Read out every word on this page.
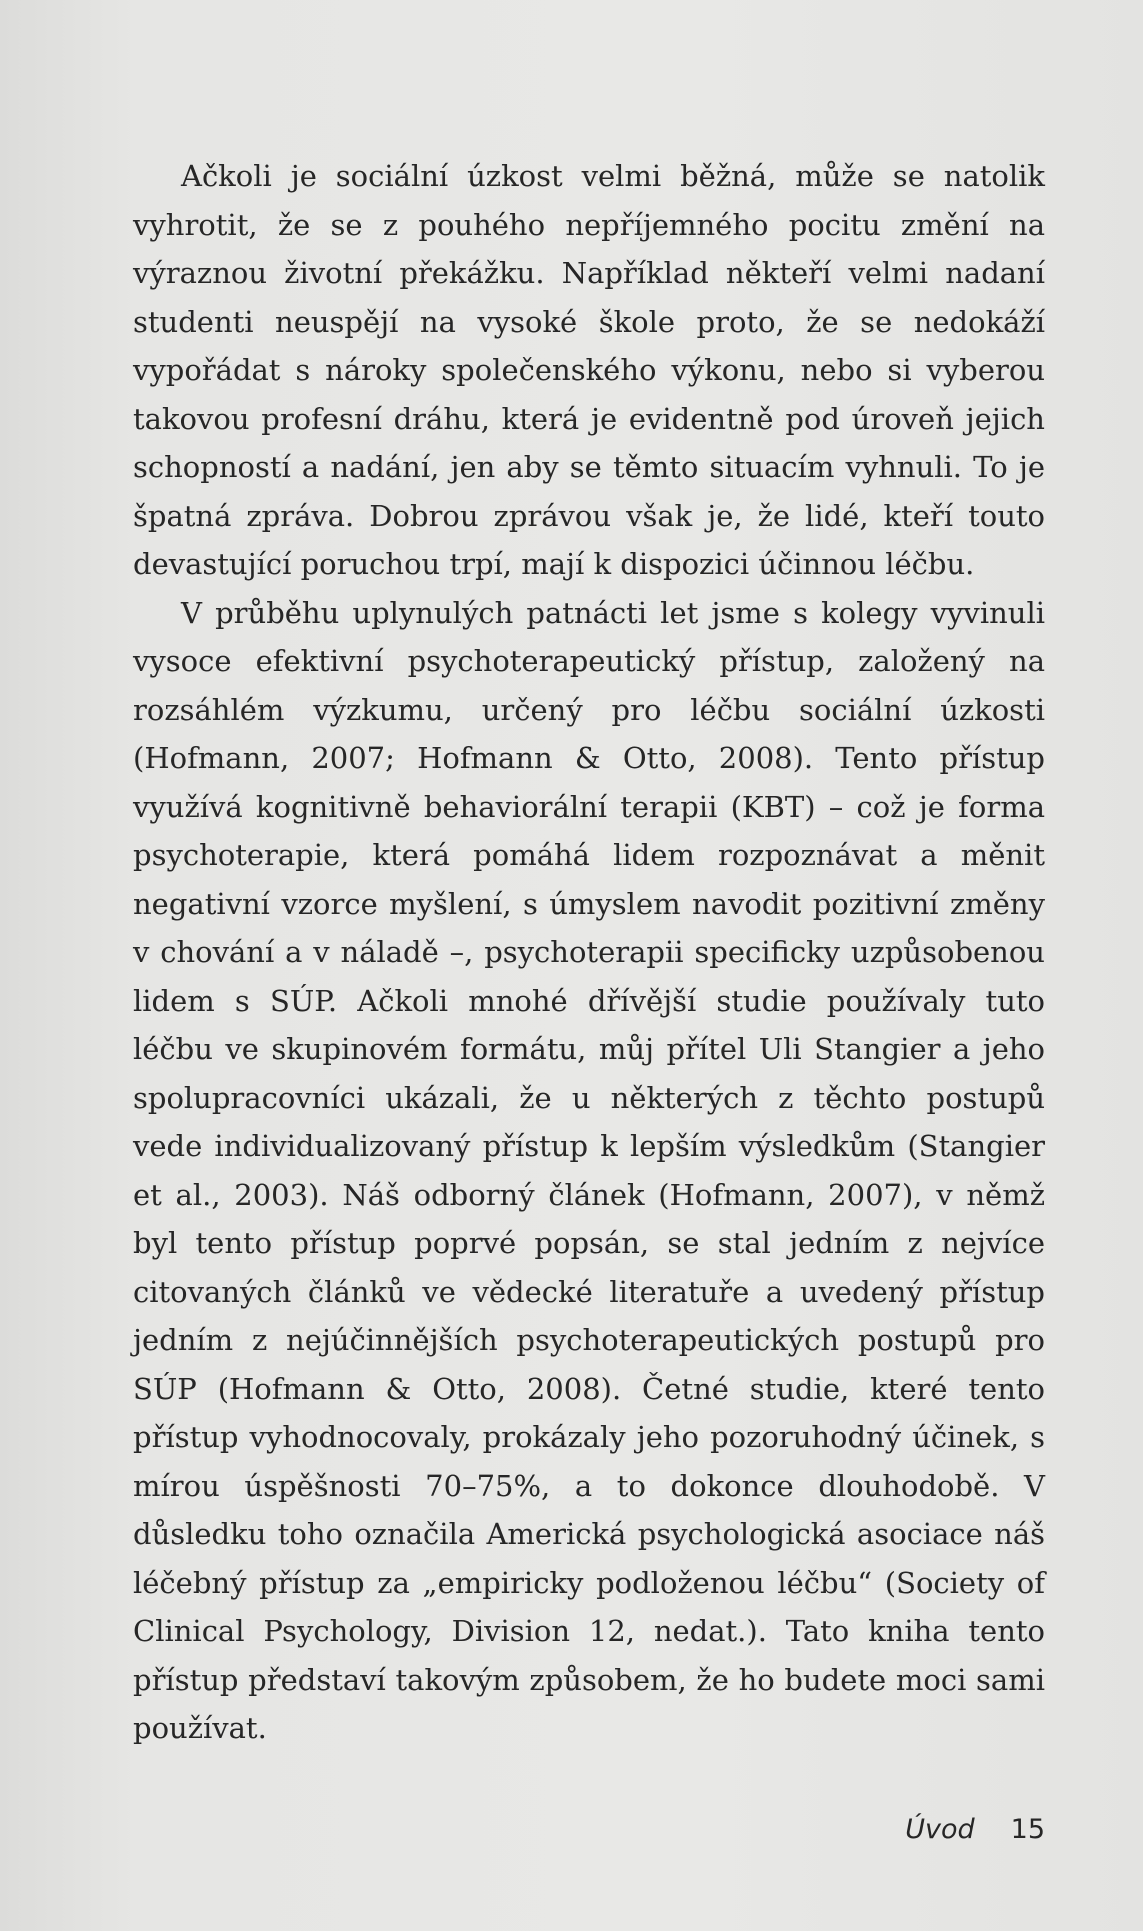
Ačkoli je sociální úzkost velmi běžná, může se natolik vyhrotit, že se z pouhého nepříjemného pocitu změní na výraznou životní překážku. Například někteří velmi nadaní studenti neuspějí na vysoké škole proto, že se nedokáží vypořádat s nároky společenského výkonu, nebo si vyberou takovou profesní dráhu, která je evidentně pod úroveň jejich schopností a nadání, jen aby se těmto situacím vyhnuli. To je špatná zpráva. Dobrou zprávou však je, že lidé, kteří touto devastující poruchou trpí, mají k dispozici účinnou léčbu.

V průběhu uplynulých patnácti let jsme s kolegy vyvinuli vysoce efektivní psychoterapeutický přístup, založený na rozsáhlém výzkumu, určený pro léčbu sociální úzkosti (Hofmann, 2007; Hofmann & Otto, 2008). Tento přístup využívá kognitivně behaviorální terapii (KBT) – což je forma psychoterapie, která pomáhá lidem rozpoznávat a měnit negativní vzorce myšlení, s úmyslem navodit pozitivní změny v chování a v náladě –, psychoterapii specificky uzpůsobenou lidem s SÚP. Ačkoli mnohé dřívější studie používaly tuto léčbu ve skupinovém formátu, můj přítel Uli Stangier a jeho spolupracovníci ukázali, že u některých z těchto postupů vede individualizovaný přístup k lepším výsledkům (Stangier et al., 2003). Náš odborný článek (Hofmann, 2007), v němž byl tento přístup poprvé popsán, se stal jedním z nejvíce citovaných článků ve vědecké literatuře a uvedený přístup jedním z nejúčinnějších psychoterapeutických postupů pro SÚP (Hofmann & Otto, 2008). Četné studie, které tento přístup vyhodnocovaly, prokázaly jeho pozoruhodný účinek, s mírou úspěšnosti 70–75%, a to dokonce dlouhodobě. V důsledku toho označila Americká psychologická asociace náš léčebný přístup za „empiricky podloženou léčbu“ (Society of Clinical Psychology, Division 12, nedat.). Tato kniha tento přístup představí takovým způsobem, že ho budete moci sami používat.

Úvod 15
